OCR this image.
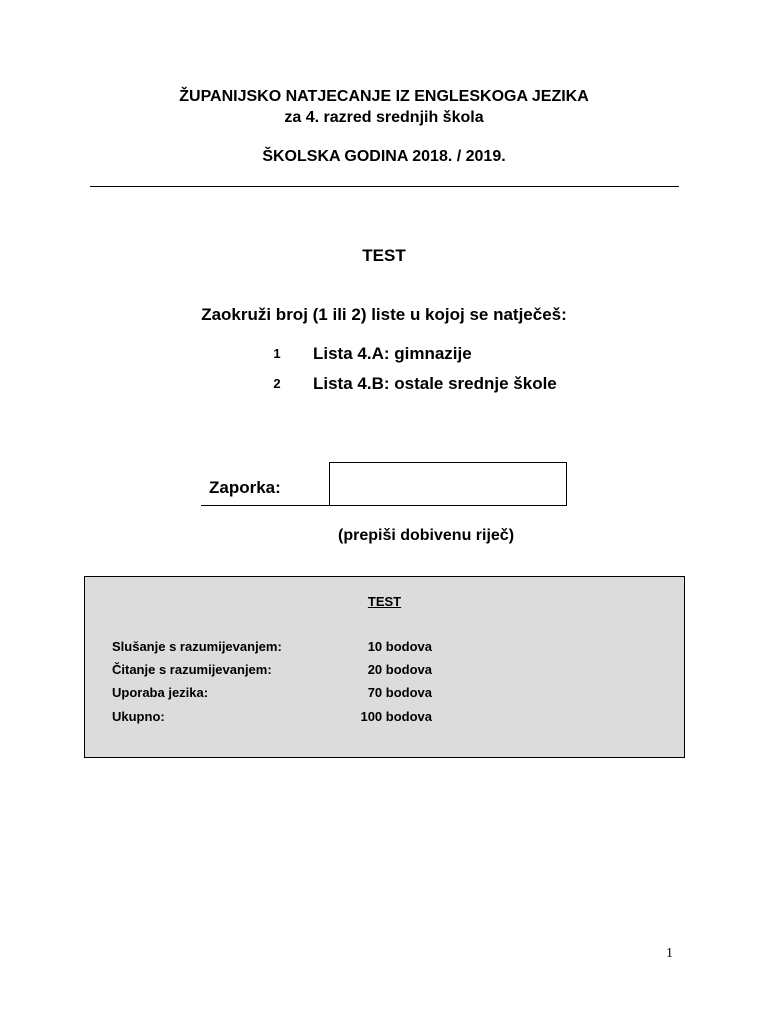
ŽUPANIJSKO NATJECANJE IZ ENGLESKOGA JEZIKA
za 4. razred srednjih škola
ŠKOLSKA GODINA 2018. / 2019.
TEST
Zaokruži broj (1 ili 2) liste u kojoj se natječeš:
1	Lista 4.A: gimnazije
2	Lista 4.B: ostale srednje škole
Zaporka:
(prepiši dobivenu riječ)
TEST
Slušanje s razumijevanjem:	10 bodova
Čitanje s razumijevanjem:	20 bodova
Uporaba jezika:	70 bodova
Ukupno:	100 bodova
1
